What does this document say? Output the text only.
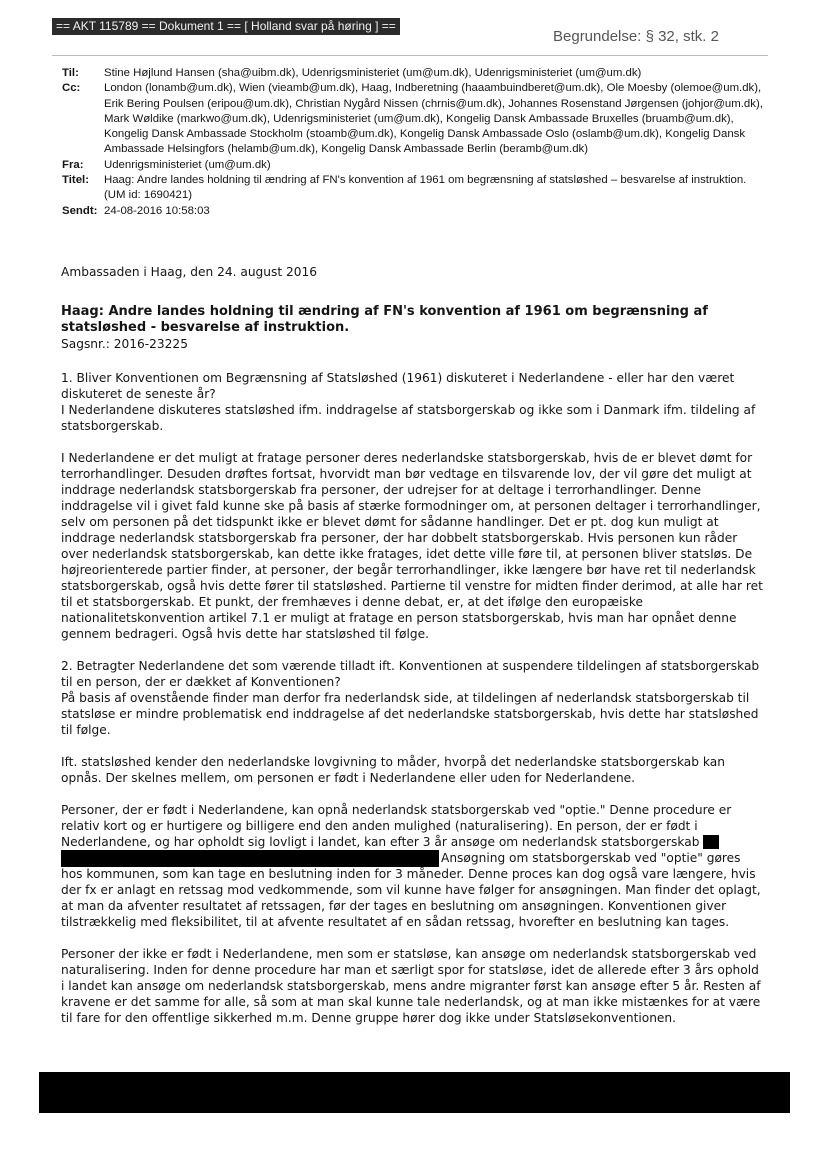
== AKT 115789 == Dokument 1 == [ Holland svar på høring ] ==
Begrundelse: § 32, stk. 2
Til: Stine Højlund Hansen (sha@uibm.dk), Udenrigsministeriet (um@um.dk), Udenrigsministeriet (um@um.dk)
Cc: London (lonamb@um.dk), Wien (vieamb@um.dk), Haag, Indberetning (haaambuindberet@um.dk), Ole Moesby (olemoe@um.dk), Erik Bering Poulsen (eripou@um.dk), Christian Nygård Nissen (chrnis@um.dk), Johannes Rosenstand Jørgensen (johjor@um.dk), Mark Wøldike (markwo@um.dk), Udenrigsministeriet (um@um.dk), Kongelig Dansk Ambassade Bruxelles (bruamb@um.dk), Kongelig Dansk Ambassade Stockholm (stoamb@um.dk), Kongelig Dansk Ambassade Oslo (oslamb@um.dk), Kongelig Dansk Ambassade Helsingfors (helamb@um.dk), Kongelig Dansk Ambassade Berlin (beramb@um.dk)
Fra: Udenrigsministeriet (um@um.dk)
Titel: Haag: Andre landes holdning til ændring af FN's konvention af 1961 om begrænsning af statsløshed – besvarelse af instruktion. (UM id: 1690421)
Sendt: 24-08-2016 10:58:03

Ambassaden i Haag, den 24. august 2016

Haag: Andre landes holdning til ændring af FN's konvention af 1961 om begrænsning af statsløshed - besvarelse af instruktion.

Sagsnr.: 2016-23225

1. Bliver Konventionen om Begrænsning af Statsløshed (1961) diskuteret i Nederlandene - eller har den været diskuteret de seneste år?
I Nederlandene diskuteres statsløshed ifm. inddragelse af statsborgerskab og ikke som i Danmark ifm. tildeling af statsborgerskab.

I Nederlandene er det muligt at fratage personer deres nederlandske statsborgerskab, hvis de er blevet dømt for terrorhandlinger. Desuden drøftes fortsat, hvorvidt man bør vedtage en tilsvarende lov, der vil gøre det muligt at inddrage nederlandsk statsborgerskab fra personer, der udrejser for at deltage i terrorhandlinger. Denne inddragelse vil i givet fald kunne ske på basis af stærke formodninger om, at personen deltager i terrorhandlinger, selv om personen på det tidspunkt ikke er blevet dømt for sådanne handlinger. Det er pt. dog kun muligt at inddrage nederlandsk statsborgerskab fra personer, der har dobbelt statsborgerskab. Hvis personen kun råder over nederlandsk statsborgerskab, kan dette ikke fratages, idet dette ville føre til, at personen bliver statsløs. De højreorienterede partier finder, at personer, der begår terrorhandlinger, ikke længere bør have ret til nederlandsk statsborgerskab, også hvis dette fører til statsløshed. Partierne til venstre for midten finder derimod, at alle har ret til et statsborgerskab. Et punkt, der fremhæves i denne debat, er, at det ifølge den europæiske nationalitetskonvention artikel 7.1 er muligt at fratage en person statsborgerskab, hvis man har opnået denne gennem bedrageri. Også hvis dette har statsløshed til følge.

2. Betragter Nederlandene det som værende tilladt ift. Konventionen at suspendere tildelingen af statsborgerskab til en person, der er dækket af Konventionen?
På basis af ovenstående finder man derfor fra nederlandsk side, at tildelingen af nederlandsk statsborgerskab til statsløse er mindre problematisk end inddragelse af det nederlandske statsborgerskab, hvis dette har statsløshed til følge.

Ift. statsløshed kender den nederlandske lovgivning to måder, hvorpå det nederlandske statsborgerskab kan opnås. Der skelnes mellem, om personen er født i Nederlandene eller uden for Nederlandene.

Personer, der er født i Nederlandene, kan opnå nederlandsk statsborgerskab ved "optie." Denne procedure er relativ kort og er hurtigere og billigere end den anden mulighed (naturalisering). En person, der er født i Nederlandene, og har opholdt sig lovligt i landet, kan efter 3 år ansøge om nederlandsk statsborgerskab

Ansøgning om statsborgerskab ved "optie" gøres

hos kommunen, som kan tage en beslutning inden for 3 måneder. Denne proces kan dog også vare længere, hvis der fx er anlagt en retssag mod vedkommende, som vil kunne have følger for ansøgningen. Man finder det oplagt, at man da afventer resultatet af retssagen, før der tages en beslutning om ansøgningen. Konventionen giver tilstrækkelig med fleksibilitet, til at afvente resultatet af en sådan retssag, hvorefter en beslutning kan tages.

Personer der ikke er født i Nederlandene, men som er statsløse, kan ansøge om nederlandsk statsborgerskab ved naturalisering. Inden for denne procedure har man et særligt spor for statsløse, idet de allerede efter 3 års ophold i landet kan ansøge om nederlandsk statsborgerskab, mens andre migranter først kan ansøge efter 5 år. Resten af kravene er det samme for alle, så som at man skal kunne tale nederlandsk, og at man ikke mistænkes for at være til fare for den offentlige sikkerhed m.m. Denne gruppe hører dog ikke under Statsløsekonventionen.
